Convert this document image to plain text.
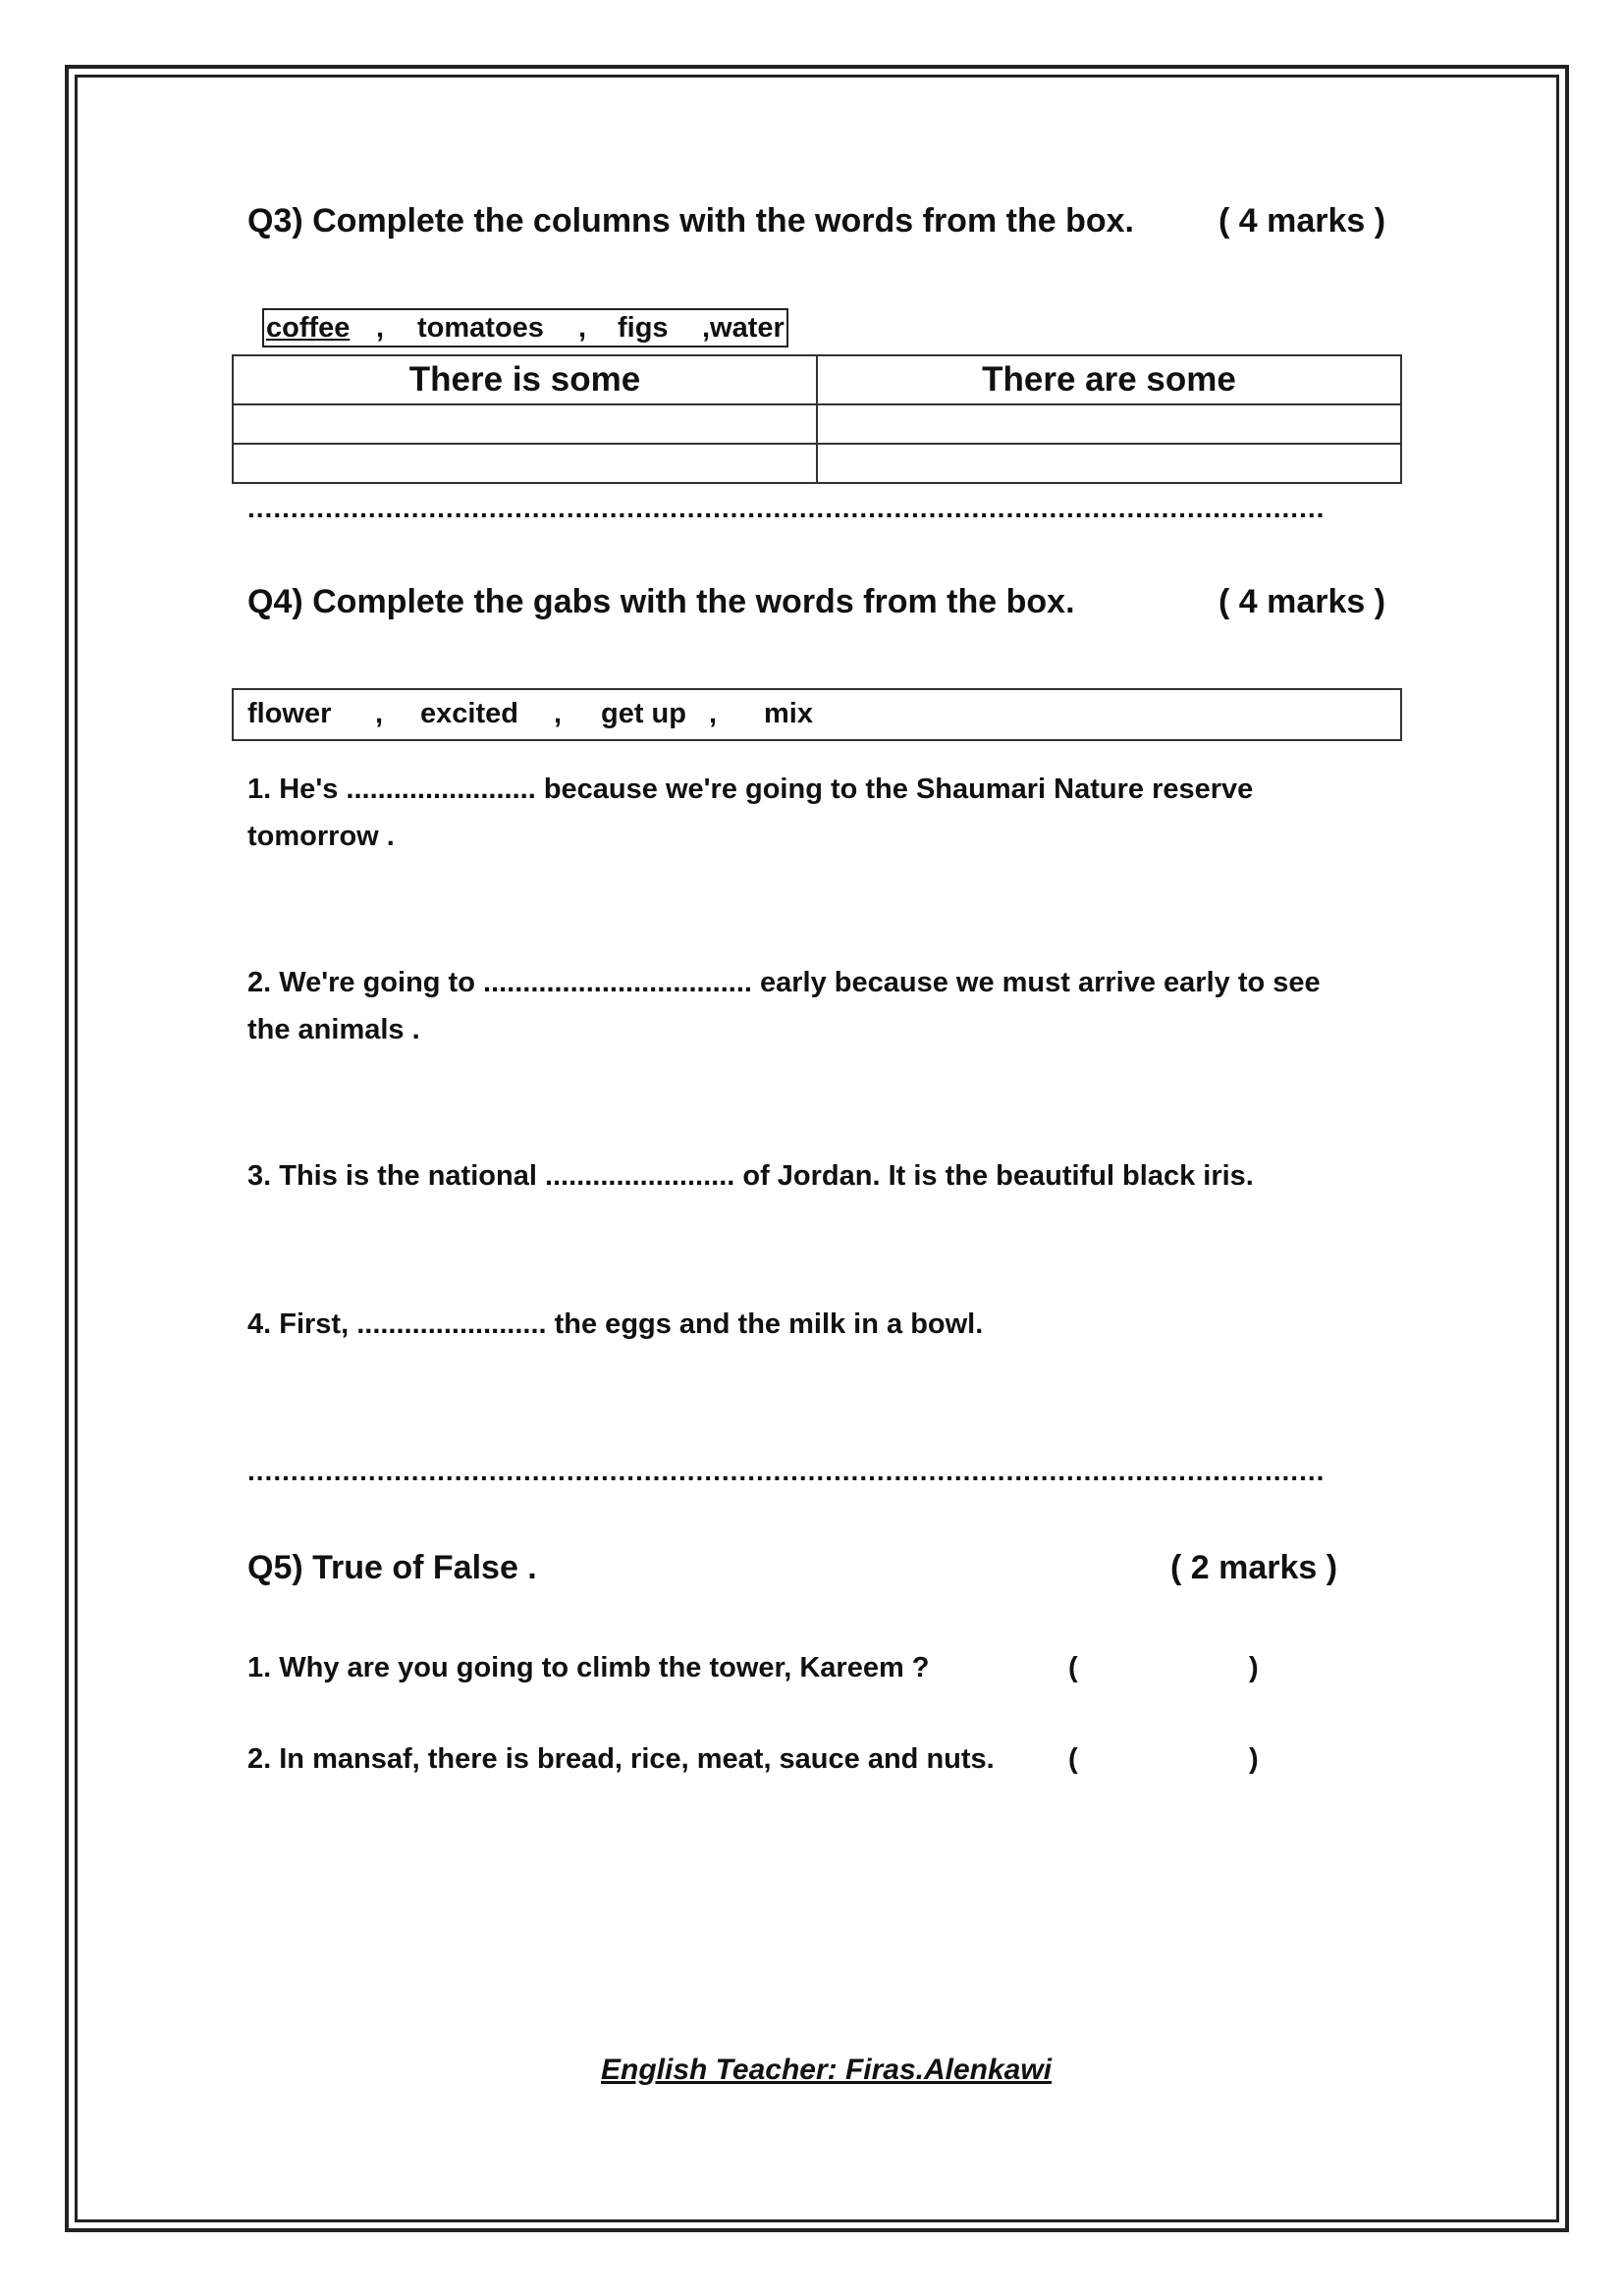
Q3) Complete the columns with the words from the box.	( 4 marks )
coffee , tomatoes , figs ,water
There is some	There are some

.............................................................................................................................
Q4) Complete the gabs with the words from the box.	( 4 marks )
flower , excited , get up , mix
1. He's ........................ because we're going to the Shaumari Nature reserve
tomorrow .
2. We're going to .................................. early because we must arrive early to see
the animals .
3. This is the national ........................ of Jordan. It is the beautiful black iris.
4. First, ........................ the eggs and the milk in a bowl.
.............................................................................................................................
Q5) True of False .	( 2 marks )
1. Why are you going to climb the tower, Kareem ?	(	)
2. In mansaf, there is bread, rice, meat, sauce and nuts.	(	)
English Teacher: Firas.Alenkawi
